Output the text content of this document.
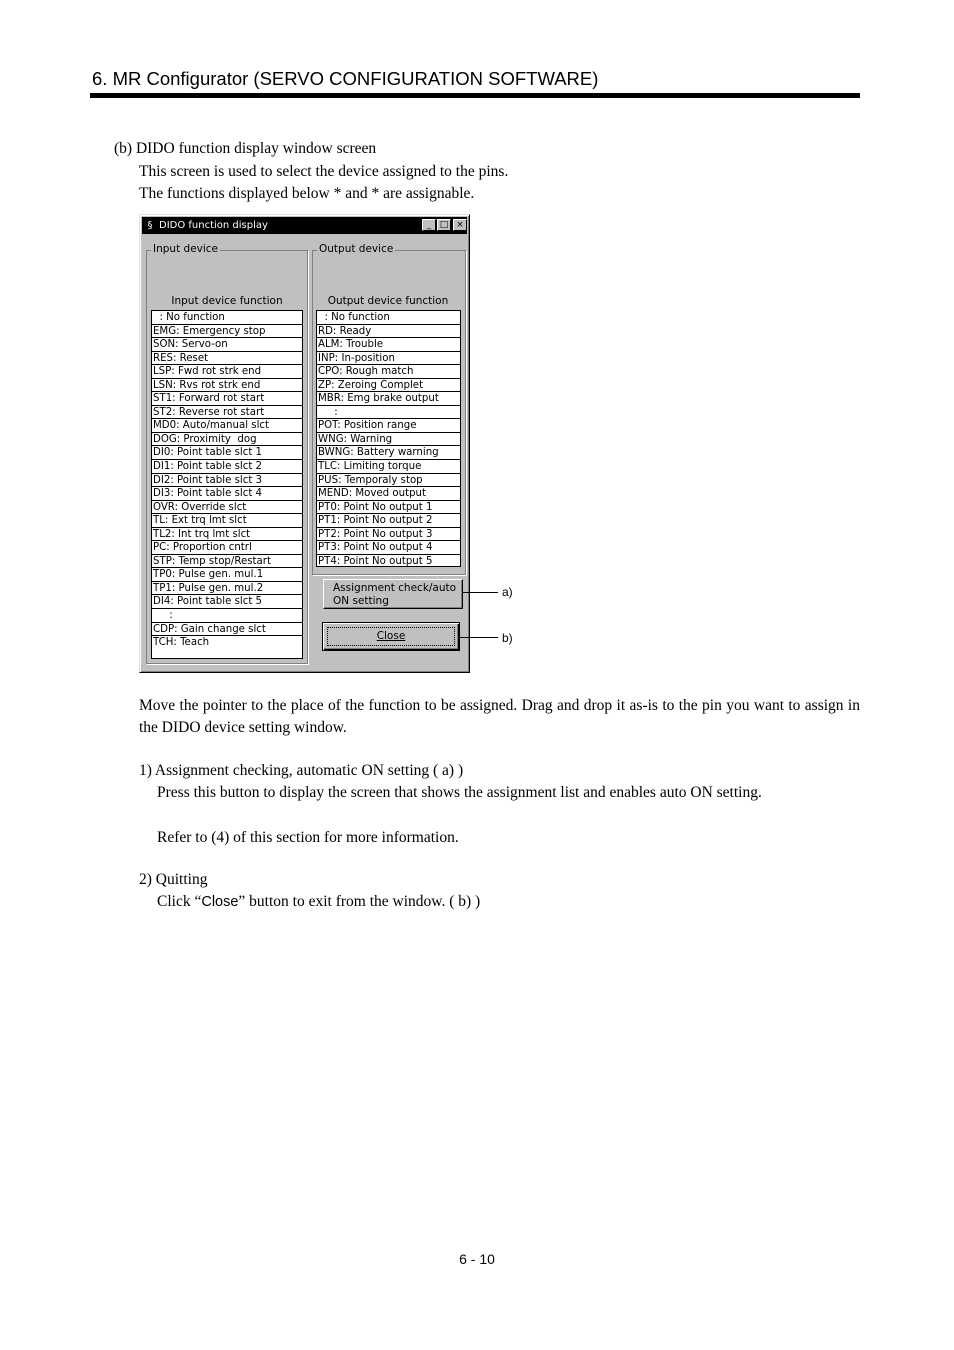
6. MR Configurator (SERVO CONFIGURATION SOFTWARE)
(b) DIDO function display window screen
This screen is used to select the device assigned to the pins.
The functions displayed below * and * are assignable.
§ DIDO function display	_ □ ×
Input device
Input device function
: No function
EMG: Emergency stop
SON: Servo-on
RES: Reset
LSP: Fwd rot strk end
LSN: Rvs rot strk end
ST1: Forward rot start
ST2: Reverse rot start
MD0: Auto/manual slct
DOG: Proximity  dog
DI0: Point table slct 1
DI1: Point table slct 2
DI2: Point table slct 3
DI3: Point table slct 4
OVR: Override slct
TL: Ext trq lmt slct
TL2: Int trq lmt slct
PC: Proportion cntrl
STP: Temp stop/Restart
TP0: Pulse gen. mul.1
TP1: Pulse gen. mul.2
DI4: Point table slct 5
:
CDP: Gain change slct
TCH: Teach
Output device
Output device function
: No function
RD: Ready
ALM: Trouble
INP: In-position
CPO: Rough match
ZP: Zeroing Complet
MBR: Emg brake output
:
POT: Position range
WNG: Warning
BWNG: Battery warning
TLC: Limiting torque
PUS: Temporaly stop
MEND: Moved output
PT0: Point No output 1
PT1: Point No output 2
PT2: Point No output 3
PT3: Point No output 4
PT4: Point No output 5
Assignment check/auto
ON setting
Close
a)
b)
Move the pointer to the place of the function to be assigned. Drag and drop it as-is to the pin you want to assign in the DIDO device setting window.
1) Assignment checking, automatic ON setting ( a) )
Press this button to display the screen that shows the assignment list and enables auto ON setting.
Refer to (4) of this section for more information.
2) Quitting
Click “Close” button to exit from the window. ( b) )
6 - 10
